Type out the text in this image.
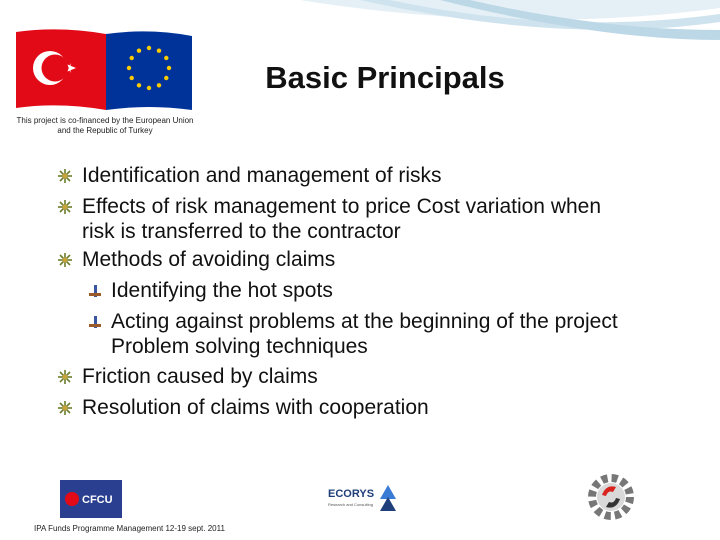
This project is co-financed by the European Union and the Republic of Turkey
Basic Principals
Identification and management of risks
Effects of risk management to price Cost variation when
risk is transferred to the contractor
Methods of avoiding claims
Identifying the hot spots
Acting against problems at the beginning of the project
Problem solving techniques
Friction caused by claims
Resolution of claims with cooperation
CFCU	ECORYS
Research and Consulting
IPA Funds Programme Management 12-19 sept. 2011
